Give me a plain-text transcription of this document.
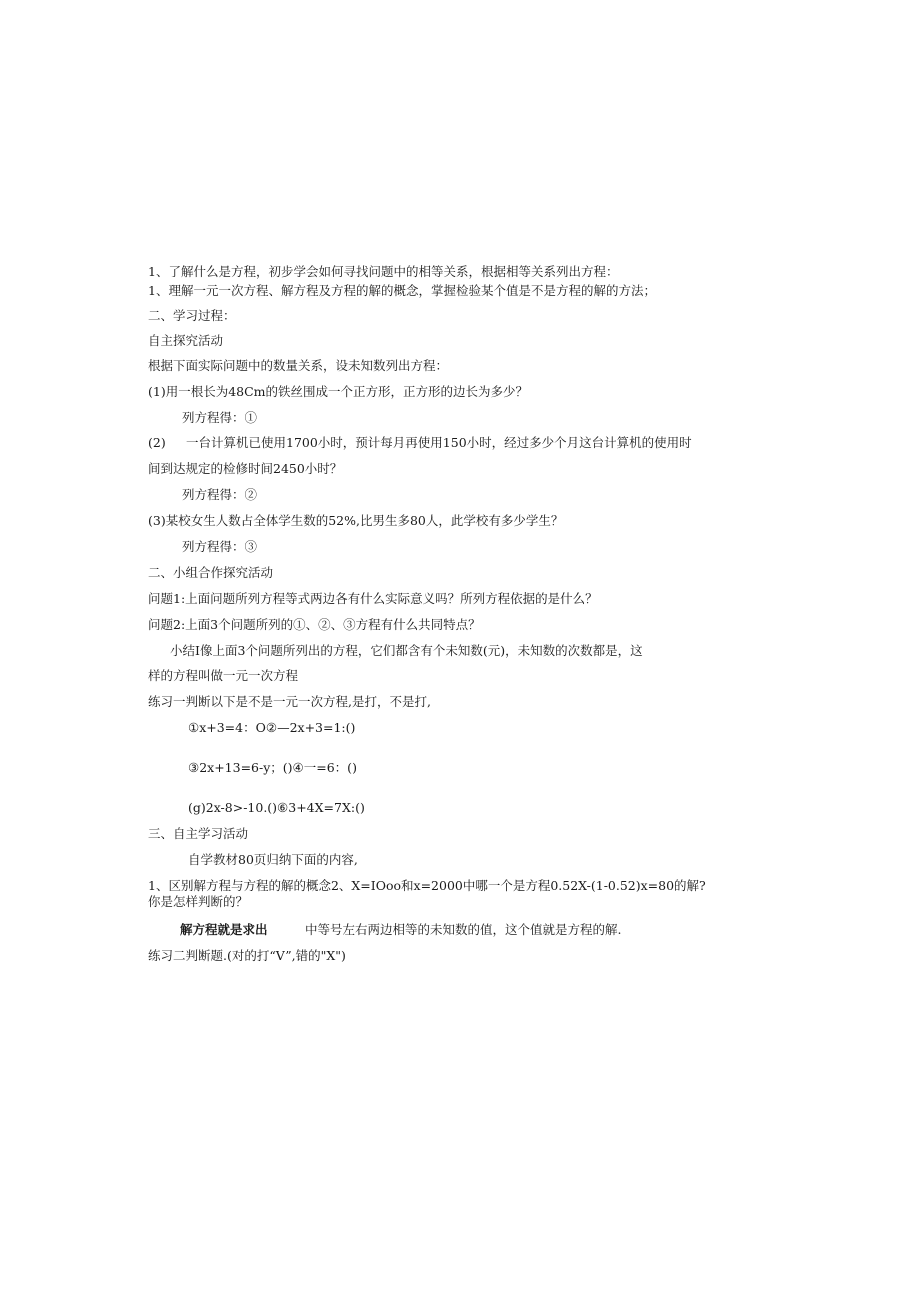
1、了解什么是方程，初步学会如何寻找问题中的相等关系，根据相等关系列出方程：
1、理解一元一次方程、解方程及方程的解的概念，掌握检验某个值是不是方程的解的方法；
二、学习过程：
自主探究活动
根据下面实际问题中的数量关系，设未知数列出方程：
(1)用一根长为48Cm的铁丝围成一个正方形，正方形的边长为多少？
列方程得：①
(2) 一台计算机已使用1700小时，预计每月再使用150小时，经过多少个月这台计算机的使用时
间到达规定的检修时间2450小时？
列方程得：②
(3)某校女生人数占全体学生数的52%,比男生多80人，此学校有多少学生？
列方程得：③
二、小组合作探究活动
问题1:上面问题所列方程等式两边各有什么实际意义吗？所列方程依据的是什么？
问题2:上面3个问题所列的①、②、③方程有什么共同特点？
小结Ⅰ像上面3个问题所列出的方程，它们都含有个未知数(元)，未知数的次数都是，这
样的方程叫做一元一次方程
练习一判断以下是不是一元一次方程,是打，不是打,
①x+3=4：O②—2x+3=1:()
③2x+13=6-y；()④一=6：()
(g)2x-8>-10.()⑥3+4X=7X:()
三、自主学习活动
自学教材80页归纳下面的内容,
1、区别解方程与方程的解的概念2、X=IOoo和x=2000中哪一个是方程0.52X-(1-0.52)x=80的解?你是怎样判断的？
解方程就是求出	中等号左右两边相等的未知数的值，这个值就是方程的解.
练习二判断题.(对的打“V”,错的"X")
